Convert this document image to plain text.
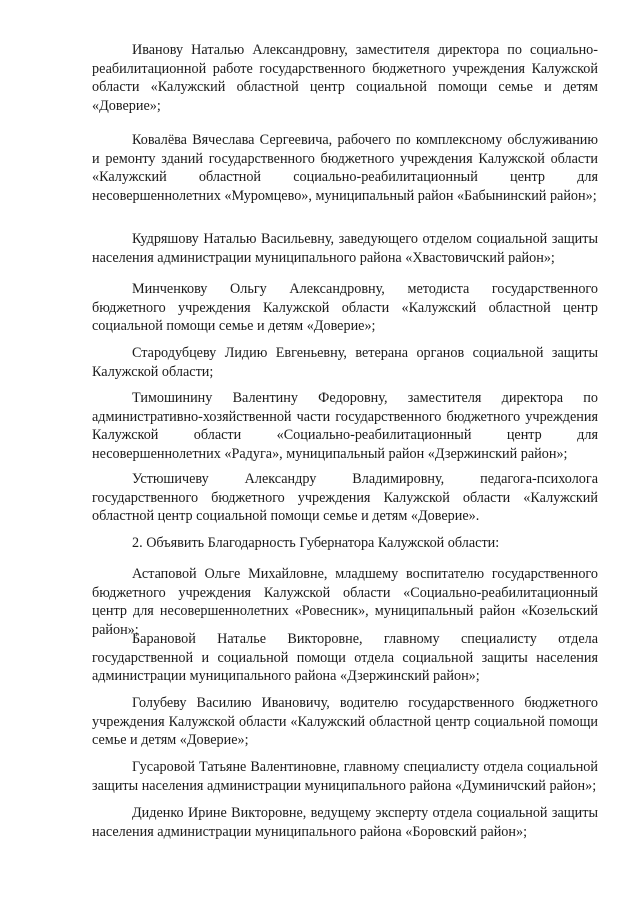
Иванову Наталью Александровну, заместителя директора по социально-реабилитационной работе государственного бюджетного учреждения Калужской области «Калужский областной центр социальной помощи семье и детям «Доверие»;

Ковалёва Вячеслава Сергеевича, рабочего по комплексному обслуживанию и ремонту зданий государственного бюджетного учреждения Калужской области «Калужский областной социально-реабилитационный центр для несовершеннолетних «Муромцево», муниципальный район «Бабынинский район»;

Кудряшову Наталью Васильевну, заведующего отделом социальной защиты населения администрации муниципального района «Хвастовичский район»;

Минченкову Ольгу Александровну, методиста государственного бюджетного учреждения Калужской области «Калужский областной центр социальной помощи семье и детям «Доверие»;

Стародубцеву Лидию Евгеньевну, ветерана органов социальной защиты Калужской области;

Тимошинину Валентину Федоровну, заместителя директора по административно-хозяйственной части государственного бюджетного учреждения Калужской области «Социально-реабилитационный центр для несовершеннолетних «Радуга», муниципальный район «Дзержинский район»;

Устюшичеву Александру Владимировну, педагога-психолога государственного бюджетного учреждения Калужской области «Калужский областной центр социальной помощи семье и детям «Доверие».

2. Объявить Благодарность Губернатора Калужской области:

Астаповой Ольге Михайловне, младшему воспитателю государственного бюджетного учреждения Калужской области «Социально-реабилитационный центр для несовершеннолетних «Ровесник», муниципальный район «Козельский район»;

Барановой Наталье Викторовне, главному специалисту отдела государственной и социальной помощи отдела социальной защиты населения администрации муниципального района «Дзержинский район»;

Голубеву Василию Ивановичу, водителю государственного бюджетного учреждения Калужской области «Калужский областной центр социальной помощи семье и детям «Доверие»;

Гусаровой Татьяне Валентиновне, главному специалисту отдела социальной защиты населения администрации муниципального района «Думиничский район»;

Диденко Ирине Викторовне, ведущему эксперту отдела социальной защиты населения администрации муниципального района «Боровский район»;
